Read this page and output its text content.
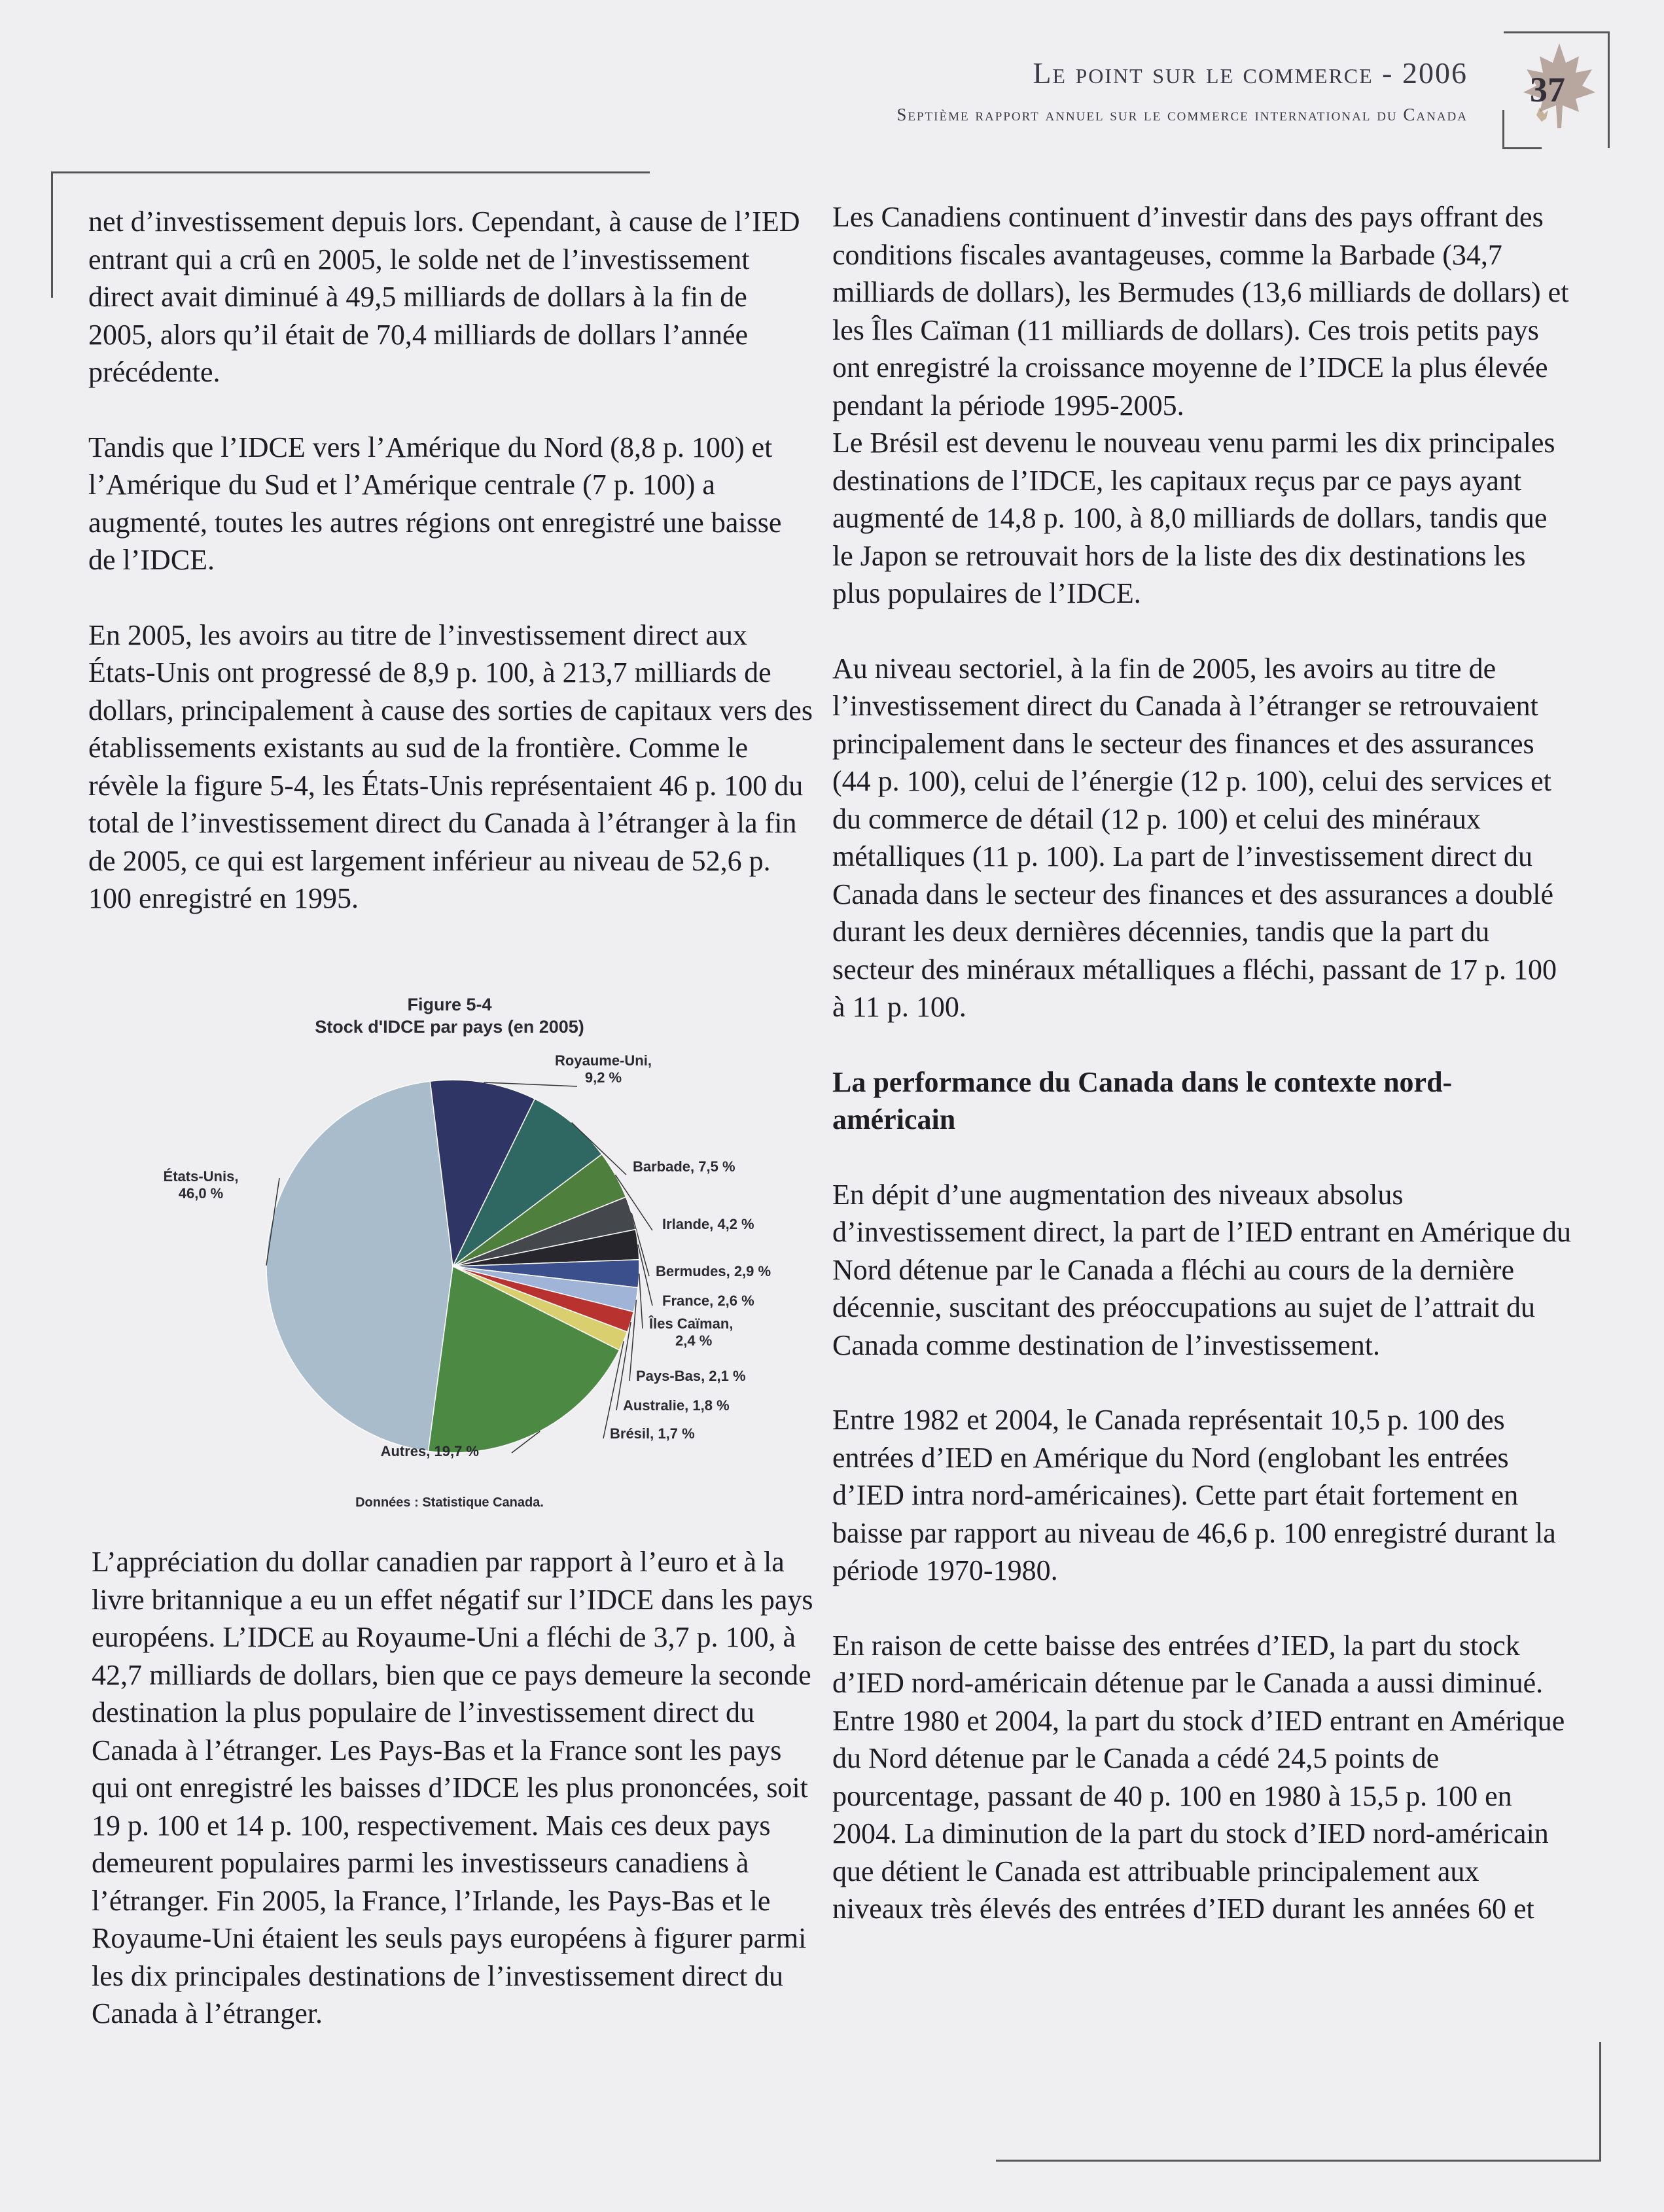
Le point sur le commerce - 2006
Septième rapport annuel sur le commerce international du Canada
37

net d’investissement depuis lors. Cependant, à cause de l’IED entrant qui a crû en 2005, le solde net de l’investissement direct avait diminué à 49,5 milliards de dollars à la fin de 2005, alors qu’il était de 70,4 milliards de dollars l’année précédente.

Tandis que l’IDCE vers l’Amérique du Nord (8,8 p. 100) et l’Amérique du Sud et l’Amérique centrale (7 p. 100) a augmenté, toutes les autres régions ont enregistré une baisse de l’IDCE.

En 2005, les avoirs au titre de l’investissement direct aux États-Unis ont progressé de 8,9 p. 100, à 213,7 milliards de dollars, principalement à cause des sorties de capitaux vers des établissements existants au sud de la frontière. Comme le révèle la figure 5-4, les États-Unis représentaient 46 p. 100 du total de l’investissement direct du Canada à l’étranger à la fin de 2005, ce qui est largement inférieur au niveau de 52,6 p. 100 enregistré en 1995.

Figure 5-4
Stock d'IDCE par pays (en 2005)
États-Unis, 46,0 %
Royaume-Uni, 9,2 %
Barbade, 7,5 %
Irlande, 4,2 %
Bermudes, 2,9 %
France, 2,6 %
Îles Caïman, 2,4 %
Pays-Bas, 2,1 %
Australie, 1,8 %
Brésil, 1,7 %
Autres, 19,7 %
Données : Statistique Canada.

L’appréciation du dollar canadien par rapport à l’euro et à la livre britannique a eu un effet négatif sur l’IDCE dans les pays européens. L’IDCE au Royaume-Uni a fléchi de 3,7 p. 100, à 42,7 milliards de dollars, bien que ce pays demeure la seconde destination la plus populaire de l’investissement direct du Canada à l’étranger. Les Pays-Bas et la France sont les pays qui ont enregistré les baisses d’IDCE les plus prononcées, soit 19 p. 100 et 14 p. 100, respectivement. Mais ces deux pays demeurent populaires parmi les investisseurs canadiens à l’étranger. Fin 2005, la France, l’Irlande, les Pays-Bas et le Royaume-Uni étaient les seuls pays européens à figurer parmi les dix principales destinations de l’investissement direct du Canada à l’étranger.

Les Canadiens continuent d’investir dans des pays offrant des conditions fiscales avantageuses, comme la Barbade (34,7 milliards de dollars), les Bermudes (13,6 milliards de dollars) et les Îles Caïman (11 milliards de dollars). Ces trois petits pays ont enregistré la croissance moyenne de l’IDCE la plus élevée pendant la période 1995-2005.

Le Brésil est devenu le nouveau venu parmi les dix principales destinations de l’IDCE, les capitaux reçus par ce pays ayant augmenté de 14,8 p. 100, à 8,0 milliards de dollars, tandis que le Japon se retrouvait hors de la liste des dix destinations les plus populaires de l’IDCE.

Au niveau sectoriel, à la fin de 2005, les avoirs au titre de l’investissement direct du Canada à l’étranger se retrouvaient principalement dans le secteur des finances et des assurances (44 p. 100), celui de l’énergie (12 p. 100), celui des services et du commerce de détail (12 p. 100) et celui des minéraux métalliques (11 p. 100). La part de l’investissement direct du Canada dans le secteur des finances et des assurances a doublé durant les deux dernières décennies, tandis que la part du secteur des minéraux métalliques a fléchi, passant de 17 p. 100 à 11 p. 100.

La performance du Canada dans le contexte nord-américain

En dépit d’une augmentation des niveaux absolus d’investissement direct, la part de l’IED entrant en Amérique du Nord détenue par le Canada a fléchi au cours de la dernière décennie, suscitant des préoccupations au sujet de l’attrait du Canada comme destination de l’investissement.

Entre 1982 et 2004, le Canada représentait 10,5 p. 100 des entrées d’IED en Amérique du Nord (englobant les entrées d’IED intra nord-américaines). Cette part était fortement en baisse par rapport au niveau de 46,6 p. 100 enregistré durant la période 1970-1980.

En raison de cette baisse des entrées d’IED, la part du stock d’IED nord-américain détenue par le Canada a aussi diminué. Entre 1980 et 2004, la part du stock d’IED entrant en Amérique du Nord détenue par le Canada a cédé 24,5 points de pourcentage, passant de 40 p. 100 en 1980 à 15,5 p. 100 en 2004. La diminution de la part du stock d’IED nord-américain que détient le Canada est attribuable principalement aux niveaux très élevés des entrées d’IED durant les années 60 et
